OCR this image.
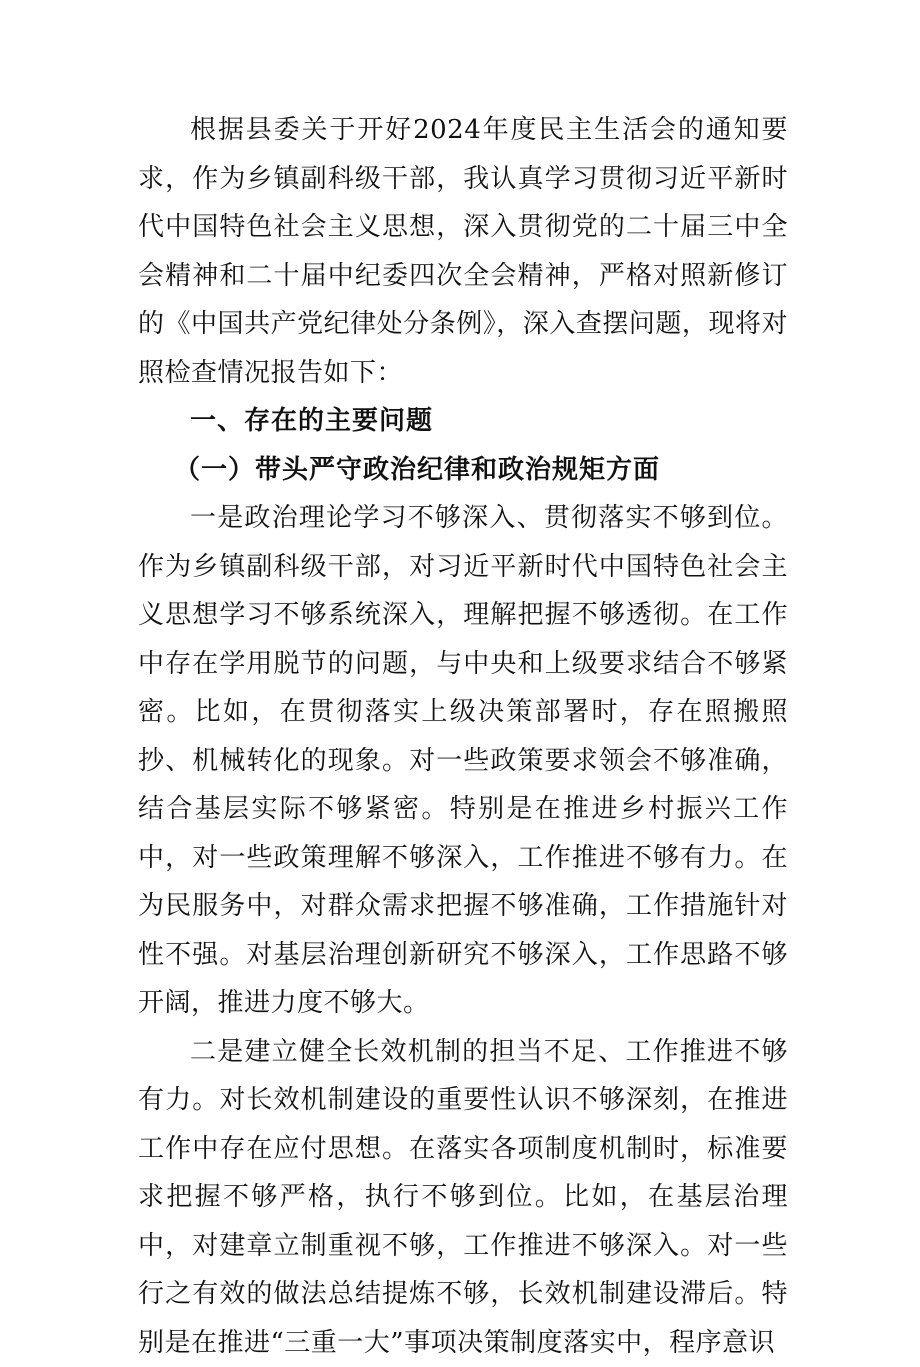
根据县委关于开好2024年度民主生活会的通知要求，作为乡镇副科级干部，我认真学习贯彻习近平新时代中国特色社会主义思想，深入贯彻党的二十届三中全会精神和二十届中纪委四次全会精神，严格对照新修订的《中国共产党纪律处分条例》，深入查摆问题，现将对照检查情况报告如下：

一、存在的主要问题

（一）带头严守政治纪律和政治规矩方面

一是政治理论学习不够深入、贯彻落实不够到位。作为乡镇副科级干部，对习近平新时代中国特色社会主义思想学习不够系统深入，理解把握不够透彻。在工作中存在学用脱节的问题，与中央和上级要求结合不够紧密。比如，在贯彻落实上级决策部署时，存在照搬照抄、机械转化的现象。对一些政策要求领会不够准确，结合基层实际不够紧密。特别是在推进乡村振兴工作中，对一些政策理解不够深入，工作推进不够有力。在为民服务中，对群众需求把握不够准确，工作措施针对性不强。对基层治理创新研究不够深入，工作思路不够开阔，推进力度不够大。

二是建立健全长效机制的担当不足、工作推进不够有力。对长效机制建设的重要性认识不够深刻，在推进工作中存在应付思想。在落实各项制度机制时，标准要求把握不够严格，执行不够到位。比如，在基层治理中，对建章立制重视不够，工作推进不够深入。对一些行之有效的做法总结提炼不够，长效机制建设滞后。特别是在推进“三重一大”事项决策制度落实中，程序意识
